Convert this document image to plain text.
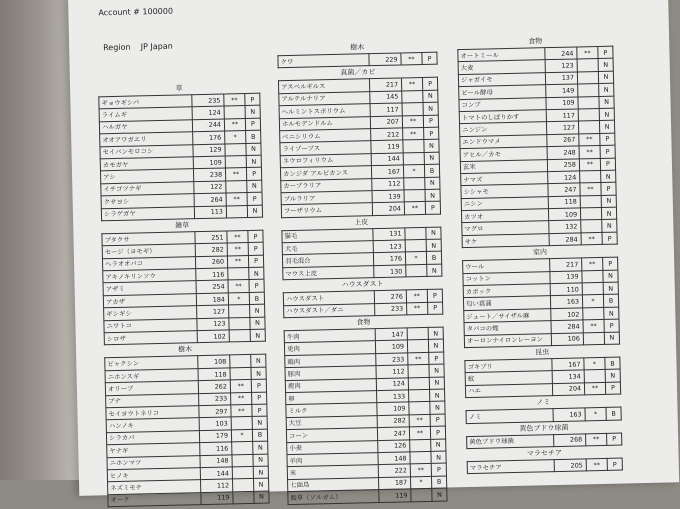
Account # 100000
Region    JP Japan
草
ギョウギシバ	235	**	P
ライムギ	124		N
ハルガヤ	244	**	P
オオアワガエリ	176	*	B
セイバンモロコシ	129		N
カモガヤ	109		N
アシ	238	**	P
イチゴツナギ	122		N
クサヨシ	264	**	P
シラゲガヤ	113		N
雑草
ブタクサ	251	**	P
セージ（ヨモギ）	282	**	P
ヘラオオバコ	260	**	P
アキノキリンソウ	116		N
アザミ	254	**	P
アカザ	184	*	B
ギシギシ	127		N
ニワトコ	123		N
シロザ	102		N
樹木
ビャクシン	108		N
ニホンスギ	118		N
オリーブ	262	**	P
ブナ	233	**	P
セイヨウトネリコ	297	**	P
ハンノキ	103		N
シラカバ	179	*	B
ヤナギ	116		N
ニホンマツ	148		N
ヒノキ	144		N
ネズミモチ	112		N
オーク	119		N
樹木
クワ	229	**	P
真菌／カビ
アスペルギルス	217	**	P
アルテルナリア	145		N
ヘルミントスポリウム	117		N
ホルモデンドルム	207	**	P
ペニシリウム	212	**	P
ライゾープス	119		N
ネウロフィリウム	144		N
カンジダ アルビカンス	167	*	B
カーブラリア	112		N
プルラリア	139		N
フーザリウム	204	**	P
上皮
猫毛	131		N
犬毛	123		N
羽毛混合	176	*	B
マウス上皮	130		N
ハウスダスト
ハウスダスト	276	**	P
ハウスダスト／ダニ	233	**	P
食物
牛肉	147		N
兎肉	109		N
鶏肉	233	**	P
豚肉	112		N
鹿肉	124		N
卵	133		N
ミルク	109		N
大豆	282	**	P
コーン	247	**	P
小麦	126		N
羊肉	148		N
米	222	**	P
七面鳥	187	*	B
鮫草（ソルガム）	119		N
食物
オートミール	244	**	P
大麦	123		N
ジャガイモ	137		N
ビール酵母	149		N
コンブ	109		N
トマトのしぼりかす	117		N
ニンジン	127		N
エンドウマメ	267	**	P
アヒル／カモ	248	**	P
玄米	258	**	P
ナマズ	124		N
シシャモ	247	**	P
ニシン	118		N
カツオ	109		N
マグロ	132		N
サケ	284	**	P
室内
ウール	217	**	P
コットン	139		N
カポック	110		N
匂い菖蒲	163	*	B
ジュート／サイザル麻	102		N
タバコの煙	284	**	P
オーロンナイロンレーヨン	106		N
昆虫
ゴキブリ	167	*	B
蚊	134		N
ハエ	204	**	P
ノミ
ノミ	163	*	B
黄色ブドウ球菌
黄色ブドウ球菌	268	**	P
マラセチア
マラセチア	205	**	P
